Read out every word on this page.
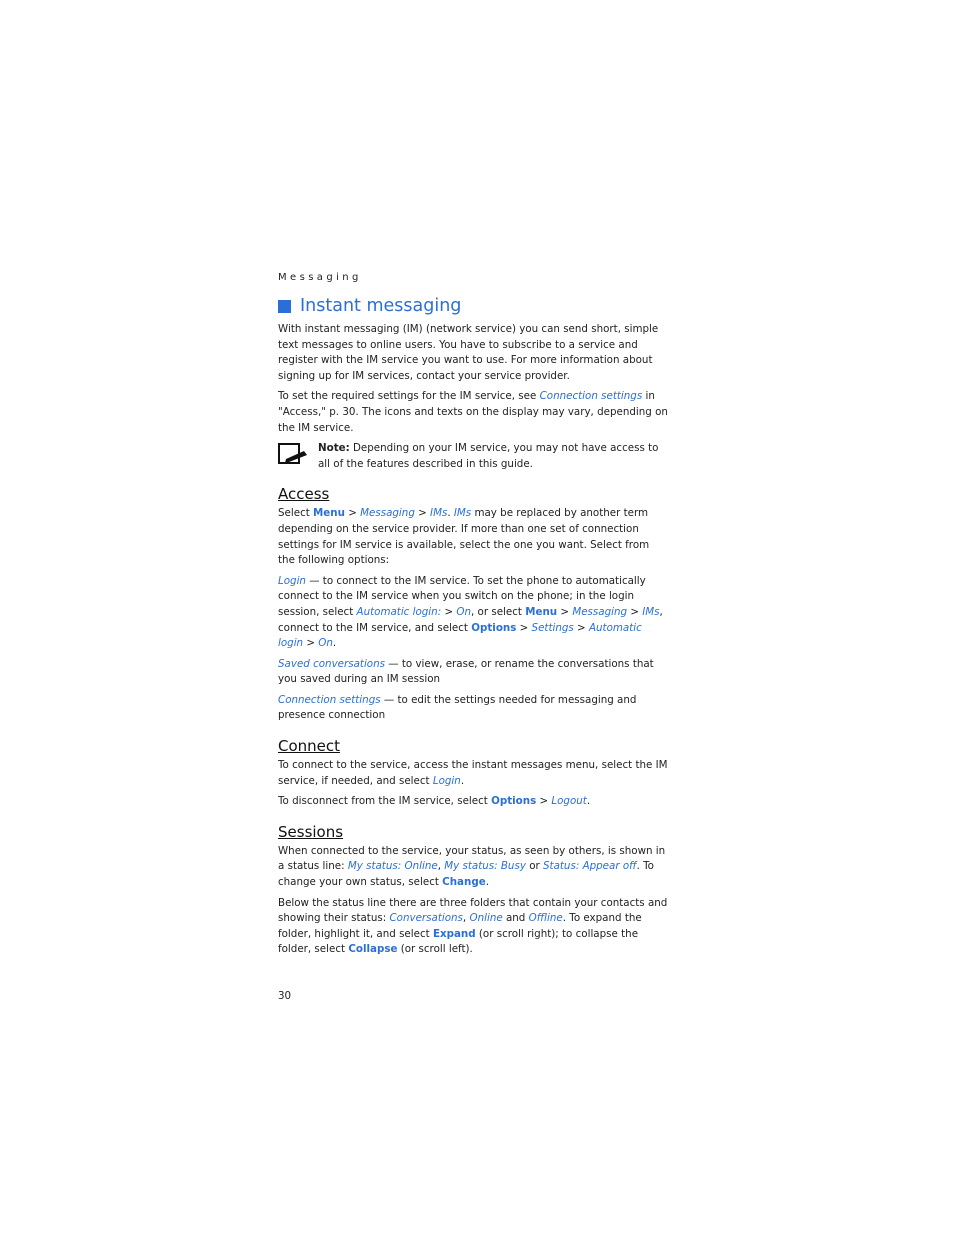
Messaging
Instant messaging

With instant messaging (IM) (network service) you can send short, simple text messages to online users. You have to subscribe to a service and register with the IM service you want to use. For more information about signing up for IM services, contact your service provider.

To set the required settings for the IM service, see Connection settings in "Access," p. 30. The icons and texts on the display may vary, depending on the IM service.

Note: Depending on your IM service, you may not have access to all of the features described in this guide.

Access

Select Menu > Messaging > IMs. IMs may be replaced by another term depending on the service provider. If more than one set of connection settings for IM service is available, select the one you want. Select from the following options:

Login — to connect to the IM service. To set the phone to automatically connect to the IM service when you switch on the phone; in the login session, select Automatic login: > On, or select Menu > Messaging > IMs, connect to the IM service, and select Options > Settings > Automatic login > On.

Saved conversations — to view, erase, or rename the conversations that you saved during an IM session

Connection settings — to edit the settings needed for messaging and presence connection

Connect

To connect to the service, access the instant messages menu, select the IM service, if needed, and select Login.

To disconnect from the IM service, select Options > Logout.

Sessions

When connected to the service, your status, as seen by others, is shown in a status line: My status: Online, My status: Busy or Status: Appear off. To change your own status, select Change.

Below the status line there are three folders that contain your contacts and showing their status: Conversations, Online and Offline. To expand the folder, highlight it, and select Expand (or scroll right); to collapse the folder, select Collapse (or scroll left).

30
